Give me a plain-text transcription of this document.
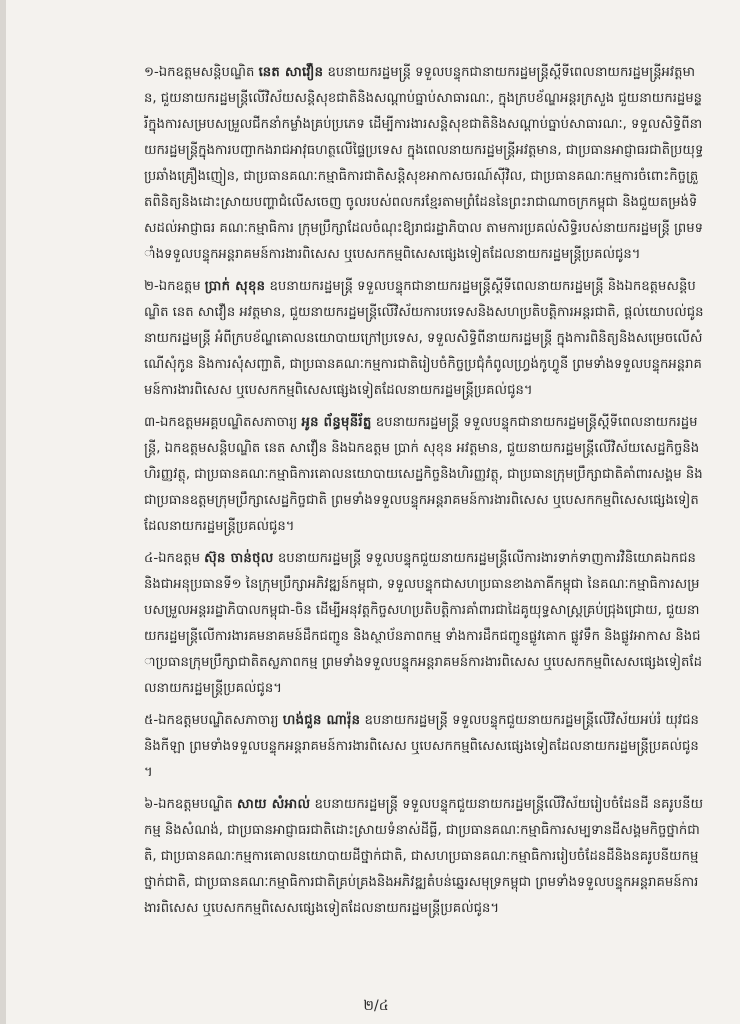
១-ឯកឧត្តមសន្តិបណ្ឌិត នេត សាវឿន ឧបនាយករដ្ឋមន្ត្រី ទទួលបន្ទុកជានាយករដ្ឋមន្ត្រីស្តីទីពេលនាយករដ្ឋមន្ត្រីអវត្តមាន, ជួយនាយករដ្ឋមន្ត្រីលើវិស័យសន្តិសុខជាតិនិងសណ្តាប់ធ្នាប់សាធារណៈ, ក្នុងក្របខ័ណ្ឌអន្តរក្រសួង ជួយនាយករដ្ឋមន្ត្រីក្នុងការសម្របសម្រួលជីកនាំកម្លាំងគ្រប់ប្រភេទ ដើម្បីការងារសន្តិសុខជាតិនិងសណ្តាប់ធ្នាប់សាធារណៈ, ទទួលសិទ្ធិពីនាយករដ្ឋមន្ត្រីក្នុងការបញ្ជាកងរាជអាវុធហត្ថលើផ្ទៃប្រទេស ក្នុងពេលនាយករដ្ឋមន្ត្រីអវត្តមាន, ជាប្រធានអាជ្ញាធរជាតិប្រយុទ្ធប្រឆាំងគ្រឿងញៀន, ជាប្រធានគណៈកម្មាធិការជាតិសន្តិសុខអាកាសចរណ៍ស៊ីវិល, ជាប្រធានគណៈកម្មការចំពោះកិច្ចត្រួតពិនិត្យនិងដោះស្រាយបញ្ហាជំលើសចេញ ចូលរបស់ពលករខ្មែរតាមព្រំដែននៃព្រះរាជាណាចក្រកម្ពុជា និងជួយតម្រង់ទិសដល់អាជ្ញាធរ គណៈកម្មាធិការ ក្រុមប្រឹក្សាដែលចំណុះឱ្យរាជរដ្ឋាភិបាល តាមការប្រគល់សិទ្ធិរបស់នាយករដ្ឋមន្ត្រី ព្រមទាំងទទួលបន្ទុកអន្តរាគមន៍ការងារពិសេស ឬបេសកកម្មពិសេសផ្សេងទៀតដែលនាយករដ្ឋមន្ត្រីប្រគល់ជូន។

២-ឯកឧត្តម ប្រាក់ សុខុន ឧបនាយករដ្ឋមន្ត្រី ទទួលបន្ទុកជានាយករដ្ឋមន្ត្រីស្តីទីពេលនាយករដ្ឋមន្ត្រី និងឯកឧត្តមសន្តិបណ្ឌិត នេត សាវឿន អវត្តមាន, ជួយនាយករដ្ឋមន្ត្រីលើវិស័យការបរទេសនិងសហប្រតិបត្តិការអន្តរជាតិ, ផ្តល់យោបល់ជូននាយករដ្ឋមន្ត្រី អំពីក្របខ័ណ្ឌគោលនយោបាយក្រៅប្រទេស, ទទួលសិទ្ធិពីនាយករដ្ឋមន្ត្រី ក្នុងការពិនិត្យនិងសម្រេចលើសំណើសុំកូន និងការសុំសញ្ជាតិ, ជាប្រធានគណៈកម្មការជាតិរៀបចំកិច្ចប្រជុំកំពូលហ្វ្រង់កូហ្វូនី ព្រមទាំងទទួលបន្ទុកអន្តរាគមន៍ការងារពិសេស ឬបេសកកម្មពិសេសផ្សេងទៀតដែលនាយករដ្ឋមន្ត្រីប្រគល់ជូន។

៣-ឯកឧត្តមអគ្គបណ្ឌិតសភាចារ្យ អូន ព័ន្ធមុនីរ័ត្ន ឧបនាយករដ្ឋមន្ត្រី ទទួលបន្ទុកជានាយករដ្ឋមន្ត្រីស្តីទីពេលនាយករដ្ឋមន្ត្រី, ឯកឧត្តមសន្តិបណ្ឌិត នេត សាវឿន និងឯកឧត្តម ប្រាក់ សុខុន អវត្តមាន, ជួយនាយករដ្ឋមន្ត្រីលើវិស័យសេដ្ឋកិច្ចនិងហិរញ្ញវត្ថុ, ជាប្រធានគណៈកម្មាធិការគោលនយោបាយសេដ្ឋកិច្ចនិងហិរញ្ញវត្ថុ, ជាប្រធានក្រុមប្រឹក្សាជាតិគាំពារសង្គម និងជាប្រធានឧត្តមក្រុមប្រឹក្សាសេដ្ឋកិច្ចជាតិ ព្រមទាំងទទួលបន្ទុកអន្តរាគមន៍ការងារពិសេស ឬបេសកកម្មពិសេសផ្សេងទៀតដែលនាយករដ្ឋមន្ត្រីប្រគល់ជូន។

៤-ឯកឧត្តម ស៊ុន ចាន់ថុល ឧបនាយករដ្ឋមន្ត្រី ទទួលបន្ទុកជួយនាយករដ្ឋមន្ត្រីលើការងារទាក់ទាញការវិនិយោគឯកជន និងជាអនុប្រធានទី១ នៃក្រុមប្រឹក្សាអភិវឌ្ឍន៍កម្ពុជា, ទទួលបន្ទុកជាសហប្រធានខាងភាគីកម្ពុជា នៃគណៈកម្មាធិការសម្របសម្រួលអន្តររដ្ឋាភិបាលកម្ពុជា-ចិន ដើម្បីអនុវត្តកិច្ចសហប្រតិបត្តិការគាំពារជាដៃគូយុទ្ធសាស្ត្រគ្រប់ជ្រុងជ្រោយ, ជួយនាយករដ្ឋមន្ត្រីលើការងារគមនាគមន៍ដឹកជញ្ជូន និងស្ថាប័នភាពកម្ម ទាំងការដឹកជញ្ជូនផ្លូវគោក ផ្លូវទឹក និងផ្លូវអាកាស និងជាប្រធានក្រុមប្រឹក្សាជាតិតស្លភាពកម្ម ព្រមទាំងទទួលបន្ទុកអន្តរាគមន៍ការងារពិសេស ឬបេសកកម្មពិសេសផ្សេងទៀតដែលនាយករដ្ឋមន្ត្រីប្រគល់ជូន។

៥-ឯកឧត្តមបណ្ឌិតសភាចារ្យ ហង់ជួន ណារ៉ុន ឧបនាយករដ្ឋមន្ត្រី ទទួលបន្ទុកជួយនាយករដ្ឋមន្ត្រីលើវិស័យអប់រំ យុវជន និងកីឡា ព្រមទាំងទទួលបន្ទុកអន្តរាគមន៍ការងារពិសេស ឬបេសកកម្មពិសេសផ្សេងទៀតដែលនាយករដ្ឋមន្ត្រីប្រគល់ជូន។

៦-ឯកឧត្តមបណ្ឌិត សាយ សំអាល់ ឧបនាយករដ្ឋមន្ត្រី ទទួលបន្ទុកជួយនាយករដ្ឋមន្ត្រីលើវិស័យរៀបចំដែនដី នគរូបនីយកម្ម និងសំណង់, ជាប្រធានអាជ្ញាធរជាតិដោះស្រាយទំនាស់ដីធ្លី, ជាប្រធានគណៈកម្មាធិការសម្បទានដីសង្គមកិច្ចថ្នាក់ជាតិ, ជាប្រធានគណៈកម្មការគោលនយោបាយដីថ្នាក់ជាតិ, ជាសហប្រធានគណៈកម្មាធិការរៀបចំដែនដីនិងនគរូបនីយកម្មថ្នាក់ជាតិ, ជាប្រធានគណៈកម្មាធិការជាតិគ្រប់គ្រងនិងអភិវឌ្ឍតំបន់ឆ្នេរសមុទ្រកម្ពុជា ព្រមទាំងទទួលបន្ទុកអន្តរាគមន៍ការងារពិសេស ឬបេសកកម្មពិសេសផ្សេងទៀតដែលនាយករដ្ឋមន្ត្រីប្រគល់ជូន។

២/៤
